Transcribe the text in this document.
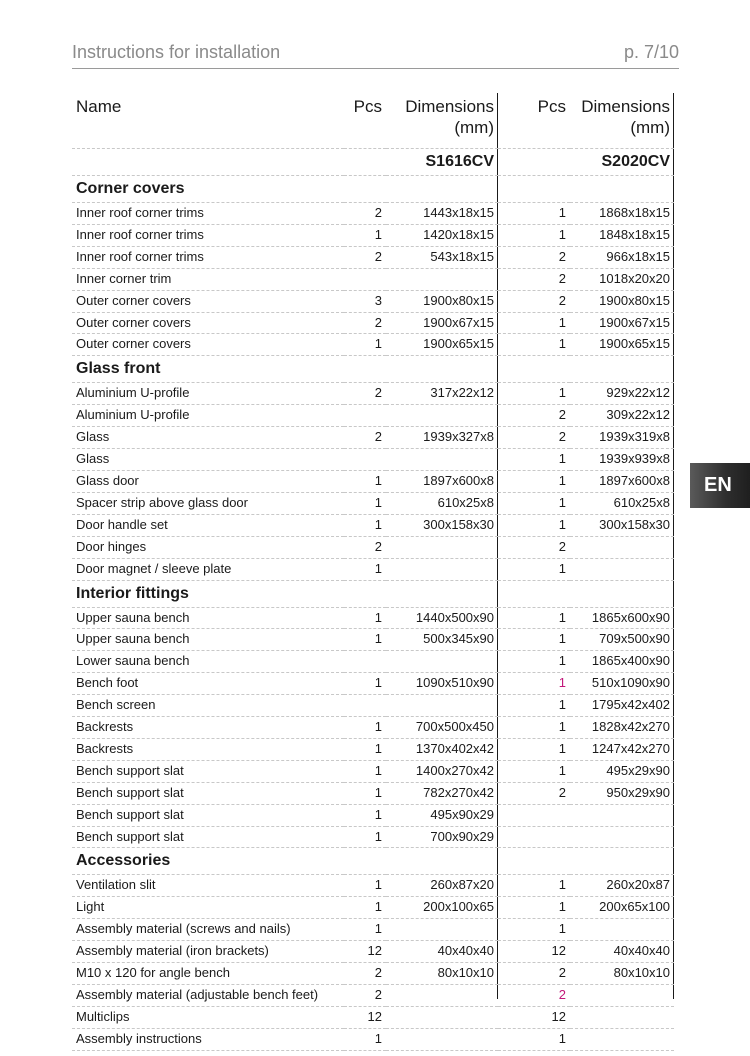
Instructions for installation	p. 7/10
EN
Name	Pcs	Dimensions (mm)	Pcs	Dimensions (mm)
		S1616CV		S2020CV
Corner covers				
Inner roof corner trims	2	1443x18x15	1	1868x18x15
Inner roof corner trims	1	1420x18x15	1	1848x18x15
Inner roof corner trims	2	543x18x15	2	966x18x15
Inner corner trim			2	1018x20x20
Outer corner covers	3	1900x80x15	2	1900x80x15
Outer corner covers	2	1900x67x15	1	1900x67x15
Outer corner covers	1	1900x65x15	1	1900x65x15
Glass front				
Aluminium U-profile	2	317x22x12	1	929x22x12
Aluminium U-profile			2	309x22x12
Glass	2	1939x327x8	2	1939x319x8
Glass			1	1939x939x8
Glass door	1	1897x600x8	1	1897x600x8
Spacer strip above glass door	1	610x25x8	1	610x25x8
Door handle set	1	300x158x30	1	300x158x30
Door hinges	2		2	
Door magnet / sleeve plate	1		1	
Interior fittings				
Upper sauna bench	1	1440x500x90	1	1865x600x90
Upper sauna bench	1	500x345x90	1	709x500x90
Lower sauna bench			1	1865x400x90
Bench foot	1	1090x510x90	1	510x1090x90
Bench screen			1	1795x42x402
Backrests	1	700x500x450	1	1828x42x270
Backrests	1	1370x402x42	1	1247x42x270
Bench support slat	1	1400x270x42	1	495x29x90
Bench support slat	1	782x270x42	2	950x29x90
Bench support slat	1	495x90x29		
Bench support slat	1	700x90x29		
Accessories				
Ventilation slit	1	260x87x20	1	260x20x87
Light	1	200x100x65	1	200x65x100
Assembly material (screws and nails)	1		1	
Assembly material (iron brackets)	12	40x40x40	12	40x40x40
M10 x 120 for angle bench	2	80x10x10	2	80x10x10
Assembly material (adjustable bench feet)	2		2	
Multiclips	12		12	
Assembly instructions	1		1	
